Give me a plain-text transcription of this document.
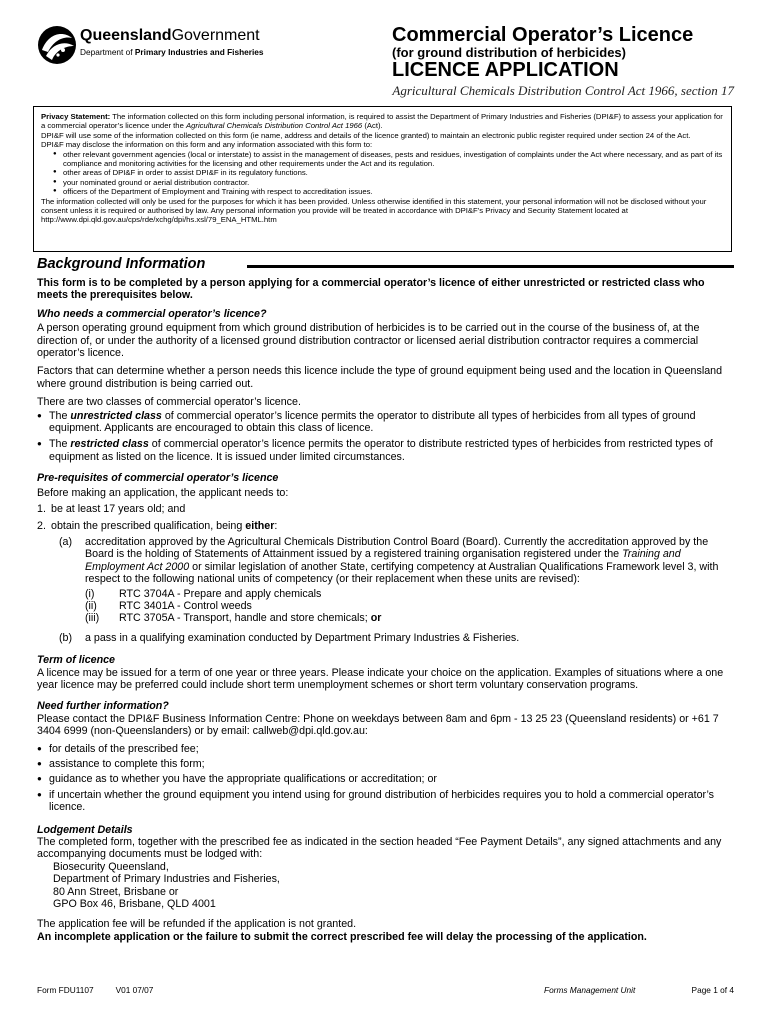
QueenslandGovernment
Department of Primary Industries and Fisheries
Commercial Operator’s Licence
(for ground distribution of herbicides)
LICENCE APPLICATION
Agricultural Chemicals Distribution Control Act 1966, section 17

Privacy Statement: The information collected on this form including personal information, is required to assist the Department of Primary Industries and Fisheries (DPI&F) to assess your application for a commercial operator’s licence under the Agricultural Chemicals Distribution Control Act 1966 (Act).

DPI&F will use some of the information collected on this form (ie name, address and details of the licence granted) to maintain an electronic public register required under section 24 of the Act.

DPI&F may disclose the information on this form and any information associated with this form to:

● other relevant government agencies (local or interstate) to assist in the management of diseases, pests and residues, investigation of complaints under the Act where necessary, and as part of its compliance and monitoring activities for the licensing and other requirements under the Act and its regulation.
● other areas of DPI&F in order to assist DPI&F in its regulatory functions.
● your nominated ground or aerial distribution contractor.
● officers of the Department of Employment and Training with respect to accreditation issues.

The information collected will only be used for the purposes for which it has been provided. Unless otherwise identified in this statement, your personal information will not be disclosed without your consent unless it is required or authorised by law. Any personal information you provide will be treated in accordance with DPI&F’s Privacy and Security Statement located at http://www.dpi.qld.gov.au/cps/rde/xchg/dpi/hs.xsl/79_ENA_HTML.htm

Background Information

This form is to be completed by a person applying for a commercial operator’s licence of either unrestricted or restricted class who meets the prerequisites below.

Who needs a commercial operator’s licence?

A person operating ground equipment from which ground distribution of herbicides is to be carried out in the course of the business of, at the direction of, or under the authority of a licensed ground distribution contractor or licensed aerial distribution contractor requires a commercial operator’s licence.

Factors that can determine whether a person needs this licence include the type of ground equipment being used and the location in Queensland where ground distribution is being carried out.

There are two classes of commercial operator’s licence.

● The unrestricted class of commercial operator’s licence permits the operator to distribute all types of herbicides from all types of ground equipment. Applicants are encouraged to obtain this class of licence.

● The restricted class of commercial operator’s licence permits the operator to distribute restricted types of herbicides from restricted types of equipment as listed on the licence. It is issued under limited circumstances.

Pre-requisites of commercial operator’s licence

Before making an application, the applicant needs to:

1. be at least 17 years old; and

2. obtain the prescribed qualification, being either:

(a) accreditation approved by the Agricultural Chemicals Distribution Control Board (Board). Currently the accreditation approved by the Board is the holding of Statements of Attainment issued by a registered training organisation registered under the Training and Employment Act 2000 or similar legislation of another State, certifying competency at Australian Qualifications Framework level 3, with respect to the following national units of competency (or their replacement when these units are revised):

(i) RTC 3704A - Prepare and apply chemicals

(ii) RTC 3401A - Control weeds

(iii) RTC 3705A - Transport, handle and store chemicals; or

(b) a pass in a qualifying examination conducted by Department Primary Industries & Fisheries.

Term of licence

A licence may be issued for a term of one year or three years. Please indicate your choice on the application. Examples of situations where a one year licence may be preferred could include short term unemployment schemes or short term voluntary conservation programs.

Need further information?

Please contact the DPI&F Business Information Centre: Phone on weekdays between 8am and 6pm - 13 25 23 (Queensland residents) or +61 7 3404 6999 (non-Queenslanders) or by email: callweb@dpi.qld.gov.au:

● for details of the prescribed fee;

● assistance to complete this form;

● guidance as to whether you have the appropriate qualifications or accreditation; or

● if uncertain whether the ground equipment you intend using for ground distribution of herbicides requires you to hold a commercial operator’s licence.

Lodgement Details

The completed form, together with the prescribed fee as indicated in the section headed “Fee Payment Details”, any signed attachments and any accompanying documents must be lodged with:

Biosecurity Queensland,

Department of Primary Industries and Fisheries,

80 Ann Street, Brisbane or

GPO Box 46, Brisbane, QLD 4001

The application fee will be refunded if the application is not granted.

An incomplete application or the failure to submit the correct prescribed fee will delay the processing of the application.

Form FDU1107	V01 07/07	Forms Management Unit	Page 1 of 4
